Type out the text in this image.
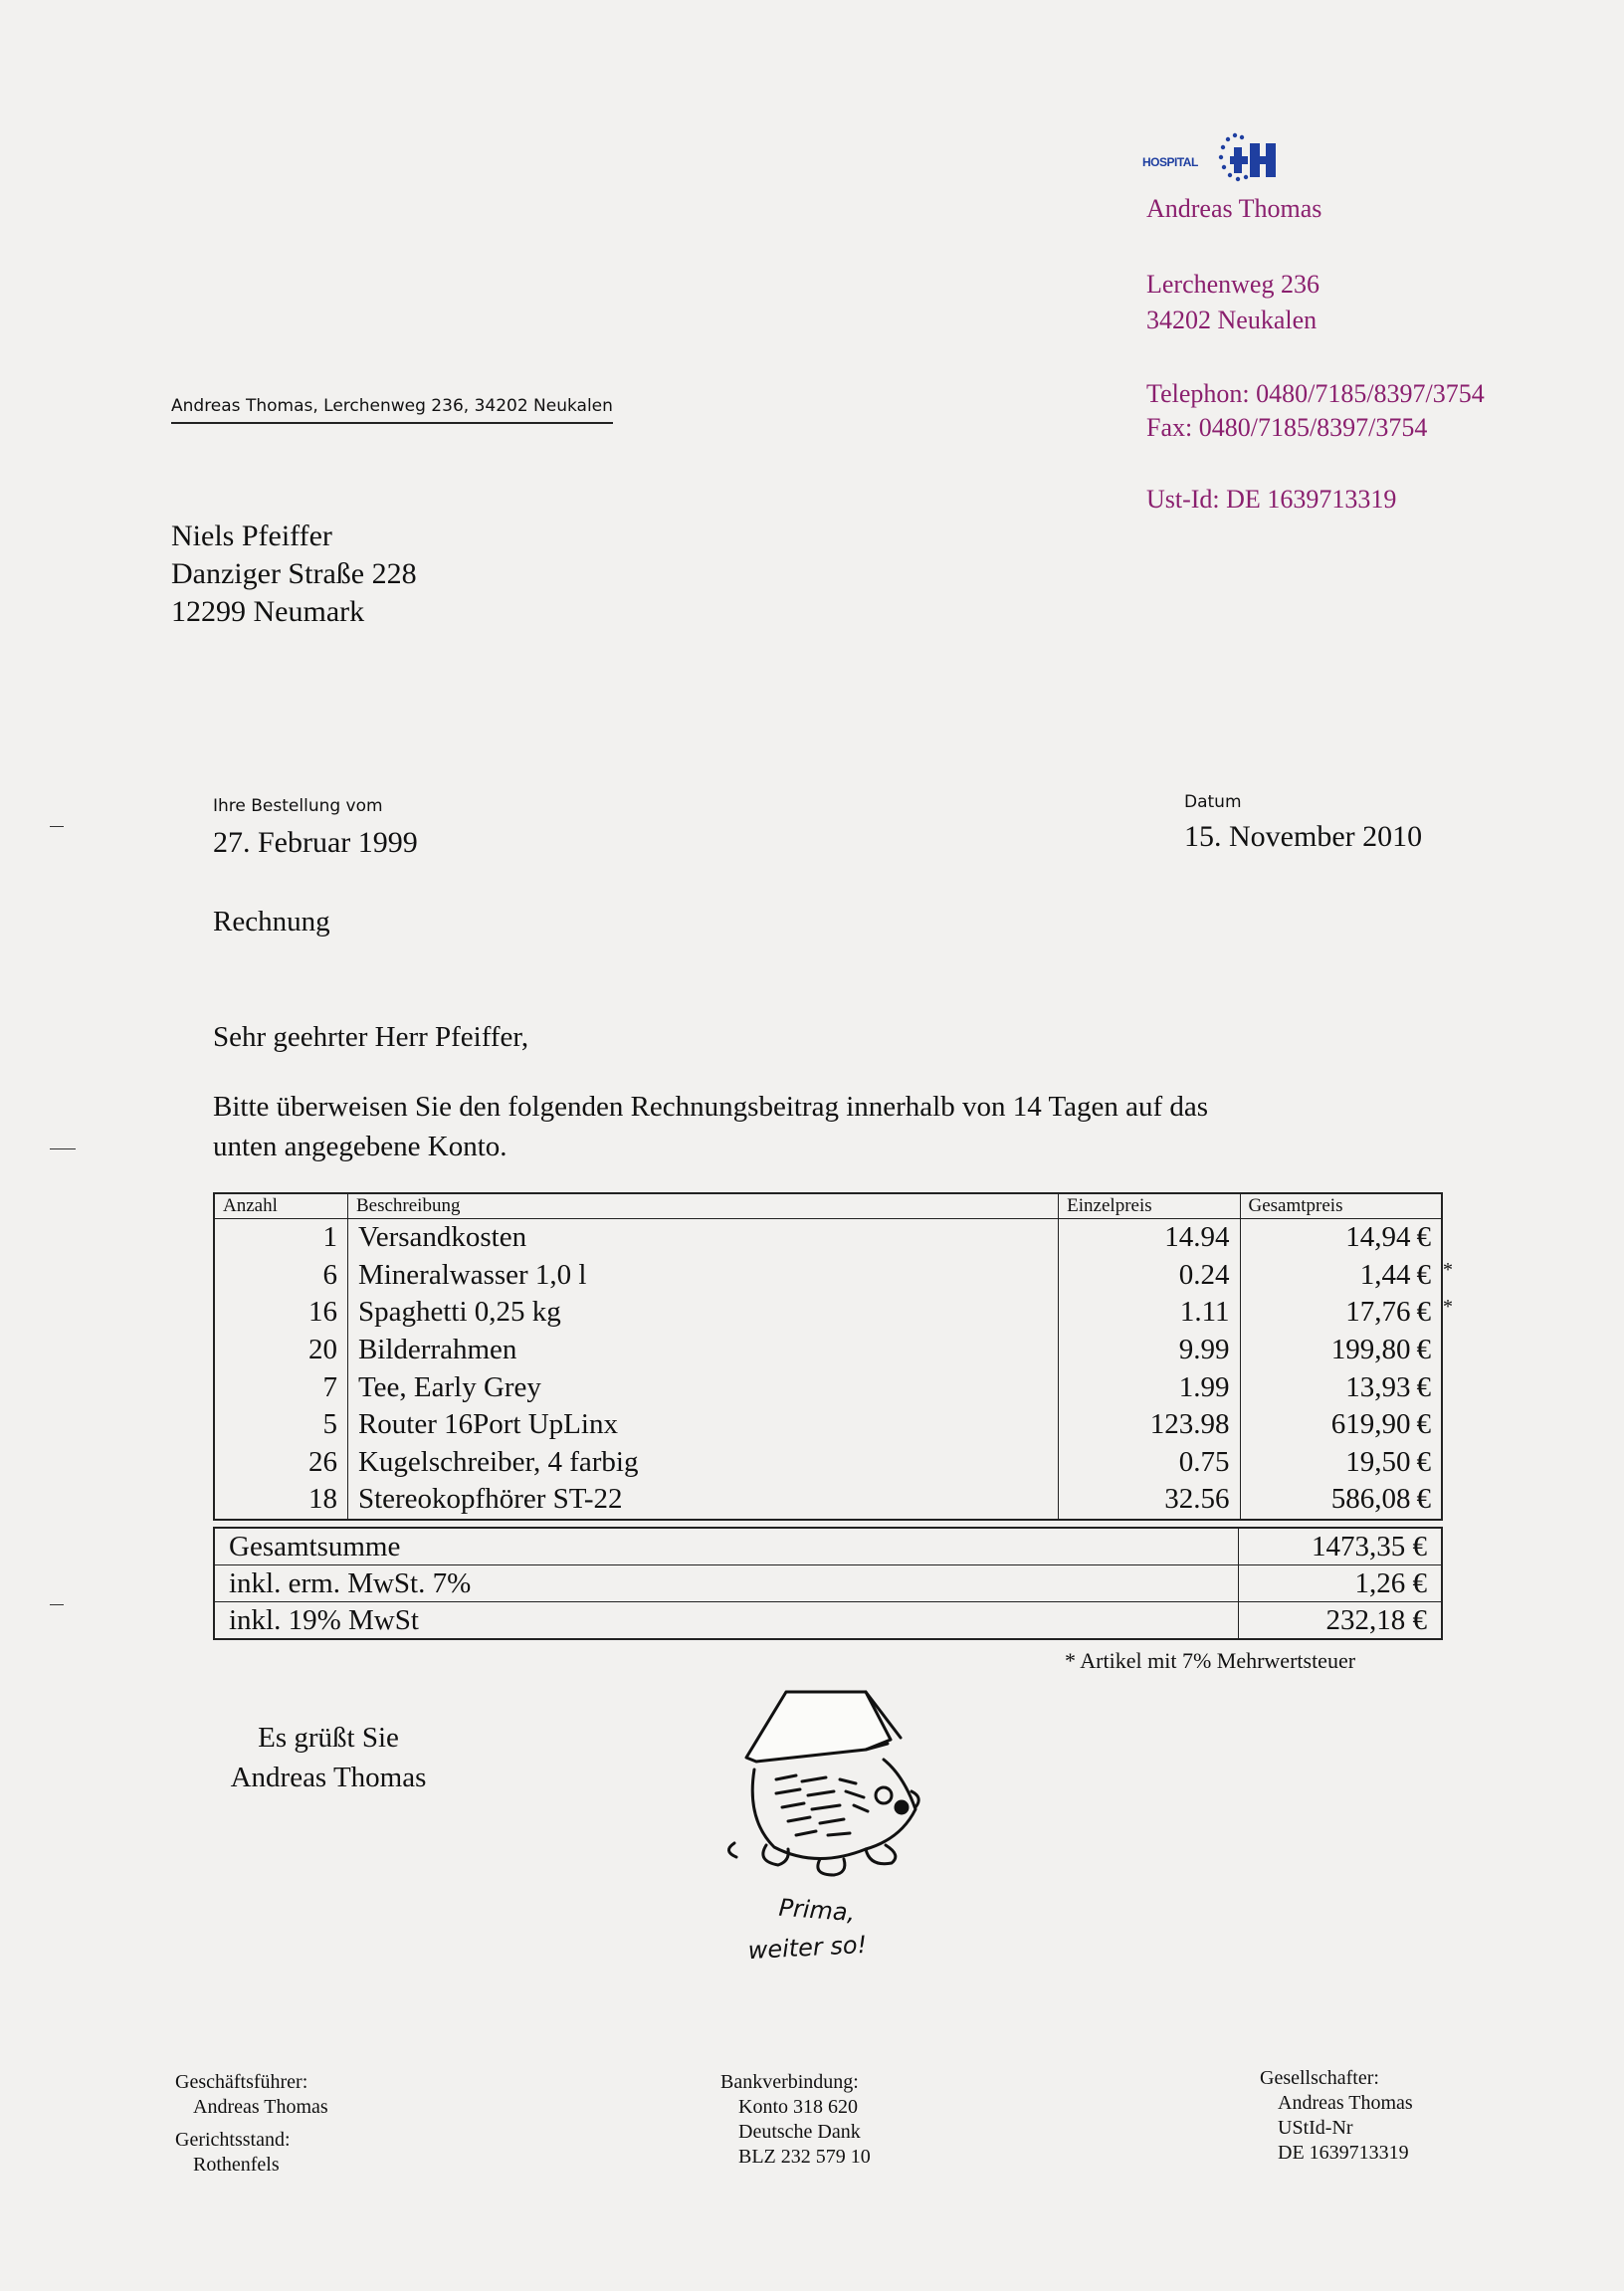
HOSPITAL
Andreas Thomas
Lerchenweg 236
34202 Neukalen
Telephon: 0480/7185/8397/3754
Fax: 0480/7185/8397/3754
Ust-Id: DE 1639713319
Andreas Thomas, Lerchenweg 236, 34202 Neukalen
Niels Pfeiffer
Danziger Straße 228
12299 Neumark
Ihre Bestellung vom
27. Februar 1999
Datum
15. November 2010
Rechnung
Sehr geehrter Herr Pfeiffer,
Bitte überweisen Sie den folgenden Rechnungsbeitrag innerhalb von 14 Tagen auf das
unten angegebene Konto.
Anzahl	Beschreibung	Einzelpreis	Gesamtpreis
1	Versandkosten	14.94	14,94 €

6	Mineralwasser 1,0 l	0.24	1,44 € *

16	Spaghetti 0,25 kg	1.11	17,76 € *

20	Bilderrahmen	9.99	199,80 €

7	Tee, Early Grey	1.99	13,93 €

5	Router 16Port UpLinx	123.98	619,90 €

26	Kugelschreiber, 4 farbig	0.75	19,50 €

18	Stereokopfhörer ST-22	32.56	586,08 €
Gesamtsumme	1473,35 €
inkl. erm. MwSt. 7%	1,26 €
inkl. 19% MwSt	232,18 €
* Artikel mit 7% Mehrwertsteuer
Es grüßt Sie
Andreas Thomas
Prima,
weiter so!
Geschäftsführer:
Andreas Thomas
Gerichtsstand:
Rothenfels
Bankverbindung:
Konto 318 620
Deutsche Dank
BLZ 232 579 10
Gesellschafter:
Andreas Thomas
UStId-Nr
DE 1639713319
